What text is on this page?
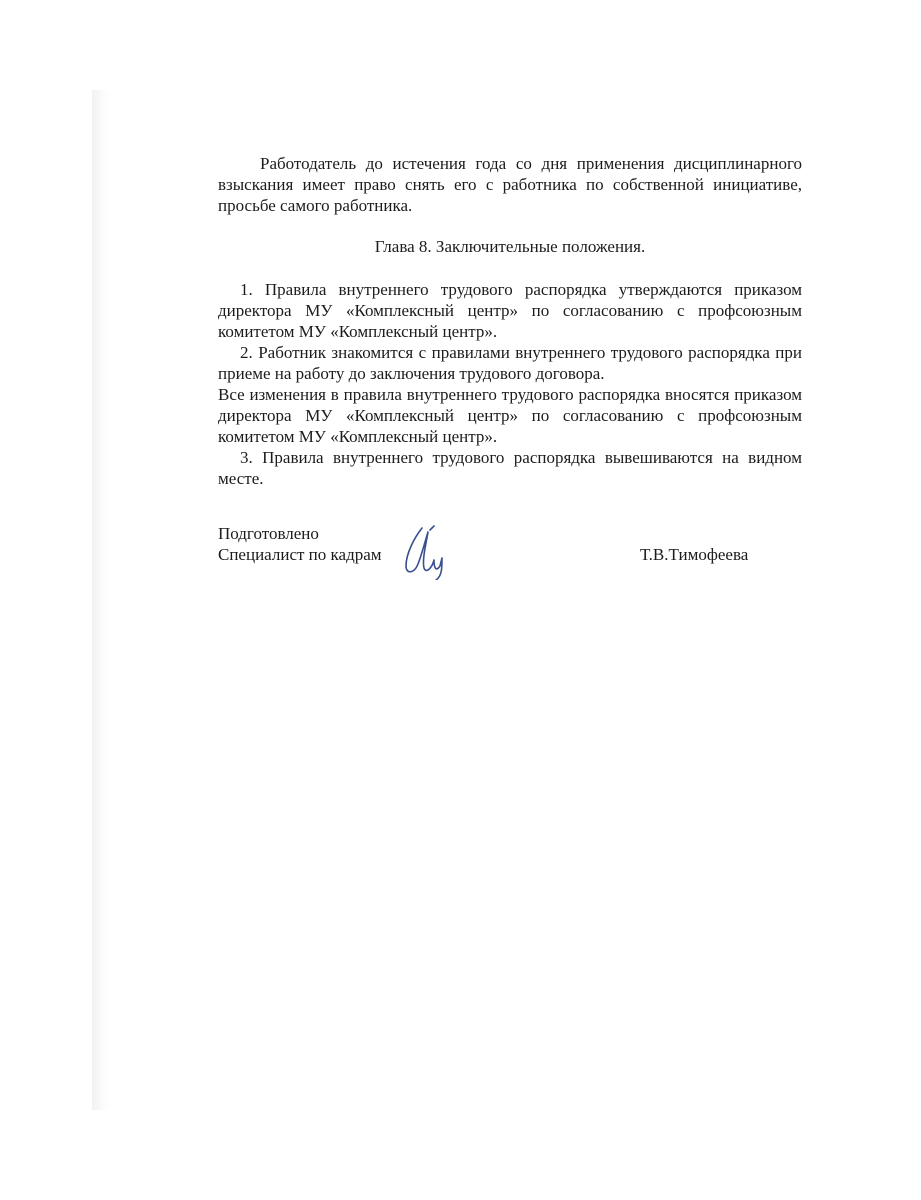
Работодатель до истечения года со дня применения дисциплинарного взыскания имеет право снять его с работника по собственной инициативе, просьбе самого работника.

Глава 8. Заключительные положения.

1. Правила внутреннего трудового распорядка утверждаются приказом директора МУ «Комплексный центр» по согласованию с профсоюзным комитетом МУ «Комплексный центр».

2. Работник знакомится с правилами внутреннего трудового распорядка при приеме на работу до заключения трудового договора.

Все изменения в правила внутреннего трудового распорядка вносятся приказом директора МУ «Комплексный центр» по согласованию с профсоюзным комитетом МУ «Комплексный центр».

3. Правила внутреннего трудового распорядка вывешиваются на видном месте.

Подготовлено

Специалист по кадрам	Т.В.Тимофеева
